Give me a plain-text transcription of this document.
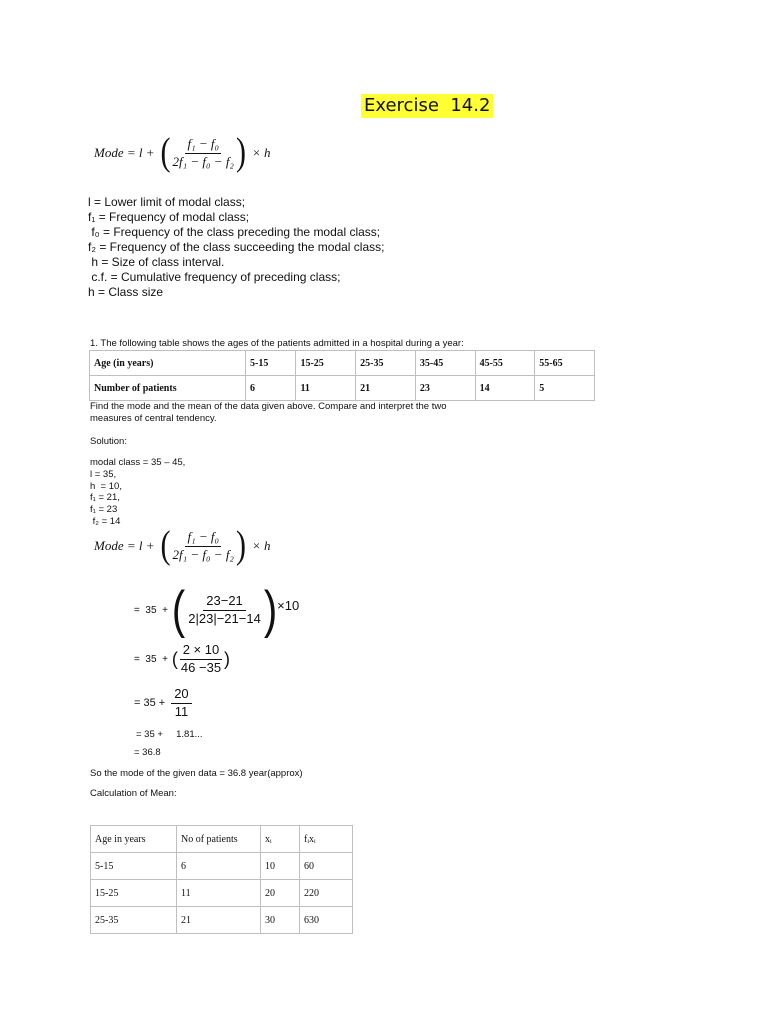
Exercise  14.2
Mode = l + ( $\frac{\text{f₁ − f₀}}{\text{2f₁ − f₀ − f₂}}$ ) × h
l = Lower limit of modal class;
f₁ = Frequency of modal class;
f₀ = Frequency of the class preceding the modal class;
f₂ = Frequency of the class succeeding the modal class;
h = Size of class interval.
c.f. = Cumulative frequency of preceding class;
h = Class size
1. The following table shows the ages of the patients admitted in a hospital during a year:
Age (in years)	5-15	15-25	25-35	35-45	45-55	55-65
Number of patients	6	11	21	23	14	5
Find the mode and the mean of the data given above. Compare and interpret the two
measures of central tendency.
Solution:
modal class = 35 – 45,
l = 35,
h  = 10,
f₁ = 21,
f₁ = 23
f₂ = 14
Mode = l + ( $\frac{\text{f₁ − f₀}}{\text{2f₁ − f₀ − f₂}}$ ) × h
=  35  + ( $\frac{23-21}{2|23|-21-14}$ ) ×10
=  35  + ( $\frac{2 \times 10}{46 -35}$ )
= $35 + \frac{20}{11}$
= 35 +     1.81...
= 36.8
So the mode of the given data = 36.8 year(approx)
Calculation of Mean:
Age in years	No of patients	xᵢ	fᵢxᵢ
5-15	6	10	60
15-25	11	20	220
25-35	21	30	630
